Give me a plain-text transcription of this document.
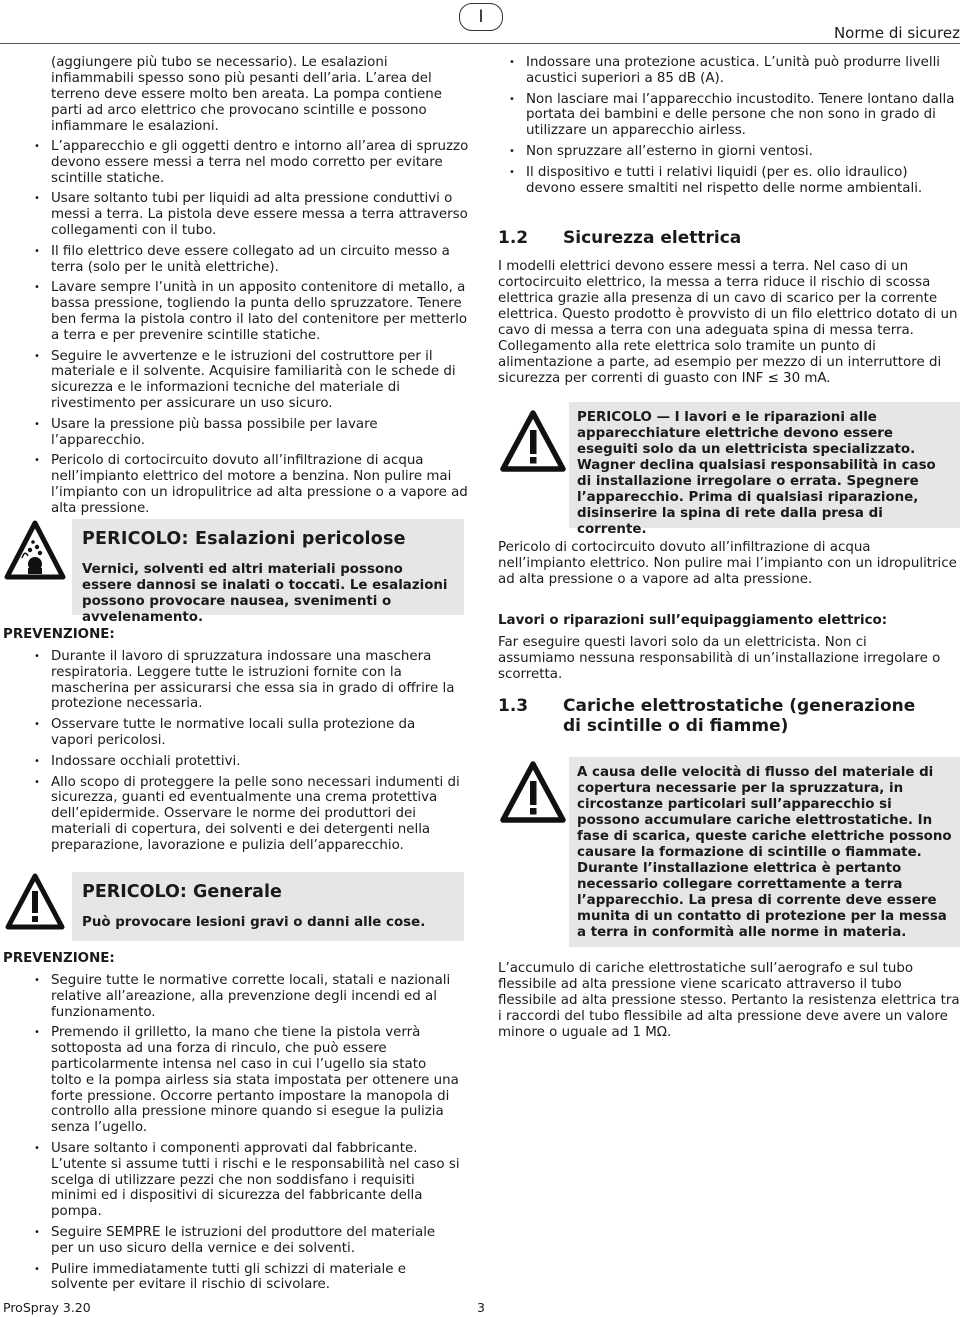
I
Norme di sicurez
(aggiungere più tubo se necessario). Le esalazioni infiammabili spesso sono più pesanti dell’aria. L’area del terreno deve essere molto ben areata. La pompa contiene parti ad arco elettrico che provocano scintille e possono infiammare le esalazioni.
• L’apparecchio e gli oggetti dentro e intorno all’area di spruzzo devono essere messi a terra nel modo corretto per evitare scintille statiche.
• Usare soltanto tubi per liquidi ad alta pressione conduttivi o messi a terra. La pistola deve essere messa a terra attraverso collegamenti con il tubo.
• Il filo elettrico deve essere collegato ad un circuito messo a terra (solo per le unità elettriche).
• Lavare sempre l’unità in un apposito contenitore di metallo, a bassa pressione, togliendo la punta dello spruzzatore. Tenere ben ferma la pistola contro il lato del contenitore per metterlo a terra e per prevenire scintille statiche.
• Seguire le avvertenze e le istruzioni del costruttore per il materiale e il solvente. Acquisire familiarità con le schede di sicurezza e le informazioni tecniche del materiale di rivestimento per assicurare un uso sicuro.
• Usare la pressione più bassa possibile per lavare l’apparecchio.
• Pericolo di cortocircuito dovuto all’infiltrazione di acqua nell’impianto elettrico del motore a benzina. Non pulire mai l’impianto con un idropulitrice ad alta pressione o a vapore ad alta pressione.
PERICOLO: Esalazioni pericolose
Vernici, solventi ed altri materiali possono essere dannosi se inalati o toccati. Le esalazioni possono provocare nausea, svenimenti o avvelenamento.
PREVENZIONE:
• Durante il lavoro di spruzzatura indossare una maschera respiratoria. Leggere tutte le istruzioni fornite con la mascherina per assicurarsi che essa sia in grado di offrire la protezione necessaria.
• Osservare tutte le normative locali sulla protezione da vapori pericolosi.
• Indossare occhiali protettivi.
• Allo scopo di proteggere la pelle sono necessari indumenti di sicurezza, guanti ed eventualmente una crema protettiva dell’epidermide. Osservare le norme dei produttori dei materiali di copertura, dei solventi e dei detergenti nella preparazione, lavorazione e pulizia dell’apparecchio.
PERICOLO: Generale
Può provocare lesioni gravi o danni alle cose.
PREVENZIONE:
• Seguire tutte le normative corrette locali, statali e nazionali relative all’areazione, alla prevenzione degli incendi ed al funzionamento.
• Premendo il grilletto, la mano che tiene la pistola verrà sottoposta ad una forza di rinculo, che può essere particolarmente intensa nel caso in cui l’ugello sia stato tolto e la pompa airless sia stata impostata per ottenere una forte pressione. Occorre pertanto impostare la manopola di controllo alla pressione minore quando si esegue la pulizia senza l’ugello.
• Usare soltanto i componenti approvati dal fabbricante. L’utente si assume tutti i rischi e le responsabilità nel caso si scelga di utilizzare pezzi che non soddisfano i requisiti minimi ed i dispositivi di sicurezza del fabbricante della pompa.
• Seguire SEMPRE le istruzioni del produttore del materiale per un uso sicuro della vernice e dei solventi.
• Pulire immediatamente tutti gli schizzi di materiale e solvente per evitare il rischio di scivolare.
• Indossare una protezione acustica. L’unità può produrre livelli acustici superiori a 85 dB (A).
• Non lasciare mai l’apparecchio incustodito. Tenere lontano dalla portata dei bambini e delle persone che non sono in grado di utilizzare un apparecchio airless.
• Non spruzzare all’esterno in giorni ventosi.
• Il dispositivo e tutti i relativi liquidi (per es. olio idraulico) devono essere smaltiti nel rispetto delle norme ambientali.
1.2 Sicurezza elettrica
I modelli elettrici devono essere messi a terra. Nel caso di un cortocircuito elettrico, la messa a terra riduce il rischio di scossa elettrica grazie alla presenza di un cavo di scarico per la corrente elettrica. Questo prodotto è provvisto di un filo elettrico dotato di un cavo di messa a terra con una adeguata spina di messa terra. Collegamento alla rete elettrica solo tramite un punto di alimentazione a parte, ad esempio per mezzo di un interruttore di sicurezza per correnti di guasto con INF ≤ 30 mA.
PERICOLO — I lavori e le riparazioni alle apparecchiature elettriche devono essere eseguiti solo da un elettricista specializzato. Wagner declina qualsiasi responsabilità in caso di installazione irregolare o errata. Spegnere l’apparecchio. Prima di qualsiasi riparazione, disinserire la spina di rete dalla presa di corrente.
Pericolo di cortocircuito dovuto all’infiltrazione di acqua nell’impianto elettrico. Non pulire mai l’impianto con un idropulitrice ad alta pressione o a vapore ad alta pressione.
Lavori o riparazioni sull’equipaggiamento elettrico:
Far eseguire questi lavori solo da un elettricista. Non ci assumiamo nessuna responsabilità di un’installazione irregolare o scorretta.
1.3 Cariche elettrostatiche (generazione di scintille o di fiamme)
A causa delle velocità di flusso del materiale di copertura necessarie per la spruzzatura, in circostanze particolari sull’apparecchio si possono accumulare cariche elettrostatiche. In fase di scarica, queste cariche elettriche possono causare la formazione di scintille o fiammate. Durante l’installazione elettrica è pertanto necessario collegare correttamente a terra l’apparecchio. La presa di corrente deve essere munita di un contatto di protezione per la messa a terra in conformità alle norme in materia.
L’accumulo di cariche elettrostatiche sull’aerografo e sul tubo flessibile ad alta pressione viene scaricato attraverso il tubo flessibile ad alta pressione stesso. Pertanto la resistenza elettrica tra i raccordi del tubo flessibile ad alta pressione deve avere un valore minore o uguale ad 1 MΩ.
ProSpray 3.20	3
